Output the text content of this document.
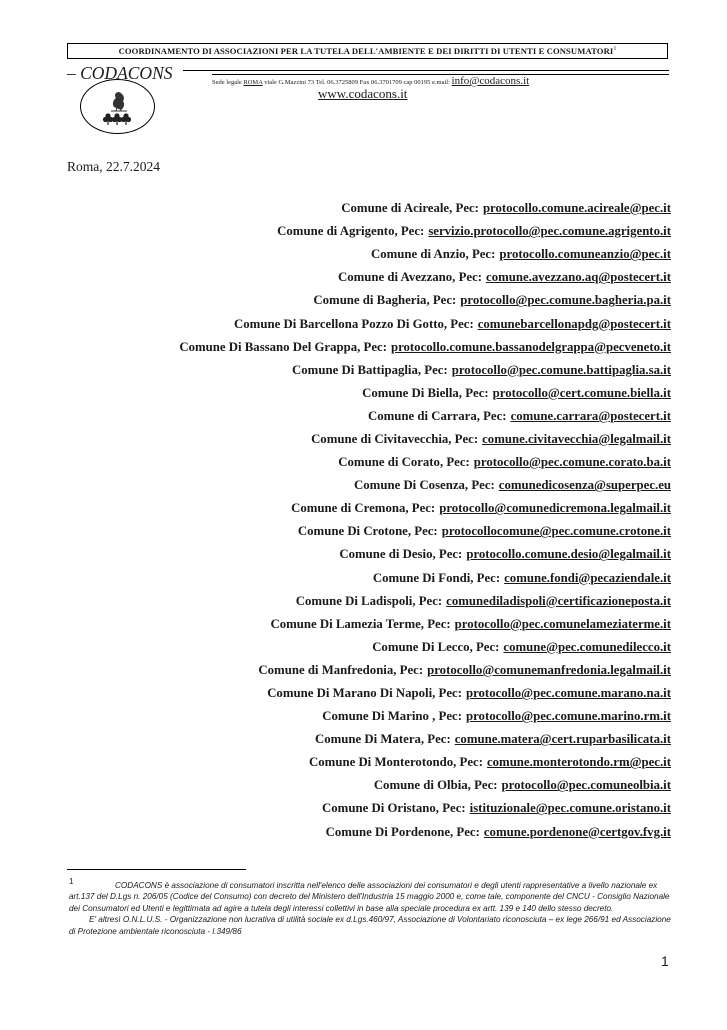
COORDINAMENTO DI ASSOCIAZIONI PER LA TUTELA DELL'AMBIENTE E DEI DIRITTI DI UTENTI E CONSUMATORI$^1$
– CODACONS	Sede legale ROMA viale G.Mazzini 73 Tel. 06.3725809 Fax 06.3701709 cap 00195 e.mail: info@codacons.it
www.codacons.it
Roma, 22.7.2024
Comune di Acireale, Pec: protocollo.comune.acireale@pec.it
Comune di Agrigento, Pec: servizio.protocollo@pec.comune.agrigento.it
Comune di Anzio, Pec: protocollo.comuneanzio@pec.it
Comune di Avezzano, Pec: comune.avezzano.aq@postecert.it
Comune di Bagheria, Pec: protocollo@pec.comune.bagheria.pa.it
Comune Di Barcellona Pozzo Di Gotto, Pec: comunebarcellonapdg@postecert.it
Comune Di Bassano Del Grappa, Pec: protocollo.comune.bassanodelgrappa@pecveneto.it
Comune Di Battipaglia, Pec: protocollo@pec.comune.battipaglia.sa.it
Comune Di Biella, Pec: protocollo@cert.comune.biella.it
Comune di Carrara, Pec: comune.carrara@postecert.it
Comune di Civitavecchia, Pec: comune.civitavecchia@legalmail.it
Comune di Corato, Pec: protocollo@pec.comune.corato.ba.it
Comune Di Cosenza, Pec: comunedicosenza@superpec.eu
Comune di Cremona, Pec: protocollo@comunedicremona.legalmail.it
Comune Di Crotone, Pec: protocollocomune@pec.comune.crotone.it
Comune di Desio, Pec: protocollo.comune.desio@legalmail.it
Comune Di Fondi, Pec: comune.fondi@pecaziendale.it
Comune Di Ladispoli, Pec: comunediladispoli@certificazioneposta.it
Comune Di Lamezia Terme, Pec: protocollo@pec.comunelameziaterme.it
Comune Di Lecco, Pec: comune@pec.comunedilecco.it
Comune di Manfredonia, Pec: protocollo@comunemanfredonia.legalmail.it
Comune Di Marano Di Napoli, Pec: protocollo@pec.comune.marano.na.it
Comune Di Marino , Pec: protocollo@pec.comune.marino.rm.it
Comune Di Matera, Pec: comune.matera@cert.ruparbasilicata.it
Comune Di Monterotondo, Pec: comune.monterotondo.rm@pec.it
Comune di Olbia, Pec: protocollo@pec.comuneolbia.it
Comune Di Oristano, Pec: istituzionale@pec.comune.oristano.it
Comune Di Pordenone, Pec: comune.pordenone@certgov.fvg.it
1	CODACONS è associazione di consumatori inscritta nell'elenco delle associazioni dei consumatori e degli utenti rappresentative a livello nazionale ex art.137 del D.Lgs n. 206/05 (Codice del Consumo) con decreto del Ministero dell'Industria 15 maggio 2000 e, come tale, componente del CNCU - Consiglio Nazionale dei Consumatori ed Utenti e legittimata ad agire a tutela degli interessi collettivi in base alla speciale procedura ex artt. 139 e 140 dello stesso decreto.

E' altresì O.N.L.U.S. - Organizzazione non lucrativa di utilità sociale ex d.Lgs.460/97, Associazione di Volontariato riconosciuta – ex lege 266/91 ed Associazione di Protezione ambientale riconosciuta - l.349/86

1
